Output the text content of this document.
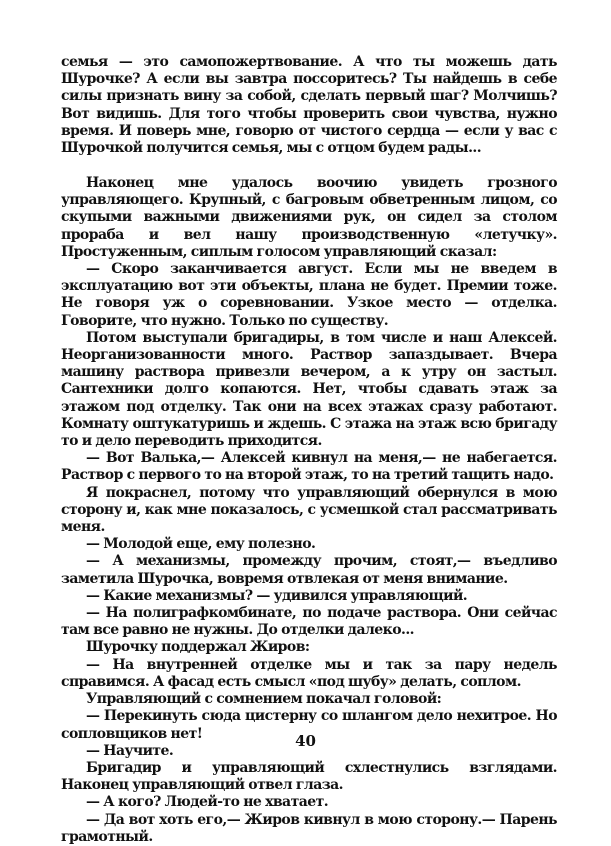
семья — это самопожертвование. А что ты можешь дать Шурочке? А если вы завтра поссоритесь? Ты найдешь в себе силы признать вину за собой, сделать первый шаг? Молчишь? Вот видишь. Для того чтобы проверить свои чувства, нужно время. И поверь мне, говорю от чистого сердца — если у вас с Шурочкой получится семья, мы с отцом будем рады...

Наконец мне удалось воочию увидеть грозного управляющего. Крупный, с багровым обветренным лицом, со скупыми важными движениями рук, он сидел за столом прораба и вел нашу производственную «летучку». Простуженным, сиплым голосом управляющий сказал:

— Скоро заканчивается август. Если мы не введем в эксплуатацию вот эти объекты, плана не будет. Премии тоже. Не говоря уж о соревновании. Узкое место — отделка. Говорите, что нужно. Только по существу.

Потом выступали бригадиры, в том числе и наш Алексей. Неорганизованности много. Раствор запаздывает. Вчера машину раствора привезли вечером, а к утру он застыл. Сантехники долго копаются. Нет, чтобы сдавать этаж за этажом под отделку. Так они на всех этажах сразу работают. Комнату оштукатуришь и ждешь. С этажа на этаж всю бригаду то и дело переводить приходится.

— Вот Валька,— Алексей кивнул на меня,— не набегается. Раствор с первого то на второй этаж, то на третий тащить надо.

Я покраснел, потому что управляющий обернулся в мою сторону и, как мне показалось, с усмешкой стал рассматривать меня.

— Молодой еще, ему полезно.

— А механизмы, промежду прочим, стоят,— въедливо заметила Шурочка, вовремя отвлекая от меня внимание.

— Какие механизмы? — удивился управляющий.

— На полиграфкомбинате, по подаче раствора. Они сейчас там все равно не нужны. До отделки далеко...

Шурочку поддержал Жиров:

— На внутренней отделке мы и так за пару недель справимся. А фасад есть смысл «под шубу» делать, соплом.

Управляющий с сомнением покачал головой:

— Перекинуть сюда цистерну со шлангом дело нехитрое. Но сопловщиков нет!

— Научите.

Бригадир и управляющий схлестнулись взглядами. Наконец управляющий отвел глаза.

— А кого? Людей-то не хватает.

— Да вот хоть его,— Жиров кивнул в мою сторону.— Парень грамотный.

40
